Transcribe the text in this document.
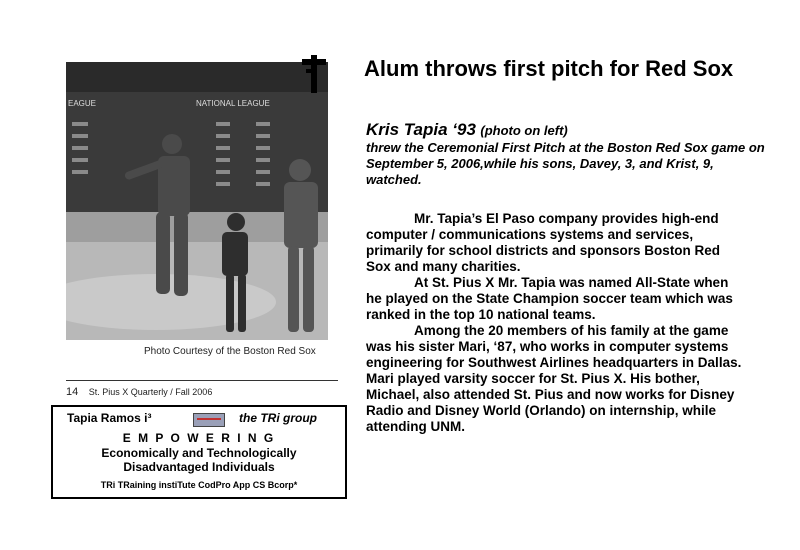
EAGUE	NATIONAL LEAGUE
Photo Courtesy of the Boston Red Sox
14 St. Pius X Quarterly / Fall 2006
Tapia Ramos i³	the TRi group
E M P O W E R I N G
Economically and Technologically
Disadvantaged Individuals
TRi TRaining instiTute CodPro App CS Bcorp*
Alum throws first pitch for Red Sox
Kris Tapia ‘93 (photo on left)
threw the Ceremonial First Pitch at the Boston Red Sox game on September 5, 2006,while his sons, Davey, 3, and Krist, 9, watched.

Mr. Tapia’s El Paso company provides high-end computer / communications systems and services, primarily for school districts and sponsors Boston Red Sox and many charities.

At St. Pius X Mr. Tapia was named All-State when he played on the State Champion soccer team which was ranked in the top 10 national teams.

Among the 20 members of his family at the game was his sister Mari, ‘87, who works in computer systems engineering for Southwest Airlines headquarters in Dallas. Mari played varsity soccer for St. Pius X. His bother, Michael, also attended St. Pius and now works for Disney Radio and Disney World (Orlando) on internship, while attending UNM.
